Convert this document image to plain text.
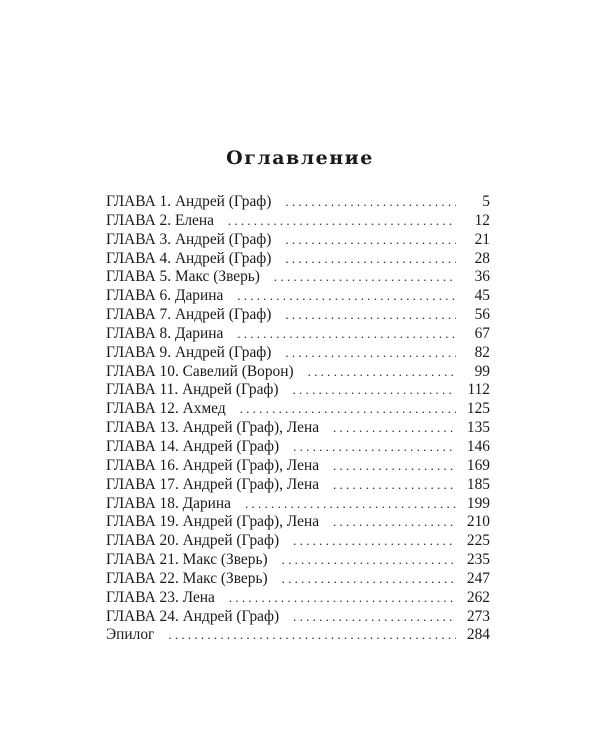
Оглавление
ГЛАВА 1. Андрей (Граф) . . .	5
ГЛАВА 2. Елена . . .	12
ГЛАВА 3. Андрей (Граф) . . .	21
ГЛАВА 4. Андрей (Граф) . . .	28
ГЛАВА 5. Макс (Зверь) . . .	36
ГЛАВА 6. Дарина . . .	45
ГЛАВА 7. Андрей (Граф) . . .	56
ГЛАВА 8. Дарина . . .	67
ГЛАВА 9. Андрей (Граф) . . .	82
ГЛАВА 10. Савелий (Ворон) . . .	99
ГЛАВА 11. Андрей (Граф) . . .	112
ГЛАВА 12. Ахмед . . .	125
ГЛАВА 13. Андрей (Граф), Лена . . .	135
ГЛАВА 14. Андрей (Граф) . . .	146
ГЛАВА 16. Андрей (Граф), Лена . . .	169
ГЛАВА 17. Андрей (Граф), Лена . . .	185
ГЛАВА 18. Дарина . . .	199
ГЛАВА 19. Андрей (Граф), Лена . . .	210
ГЛАВА 20. Андрей (Граф) . . .	225
ГЛАВА 21. Макс (Зверь) . . .	235
ГЛАВА 22. Макс (Зверь) . . .	247
ГЛАВА 23. Лена . . .	262
ГЛАВА 24. Андрей (Граф) . . .	273
Эпилог . . .	284
